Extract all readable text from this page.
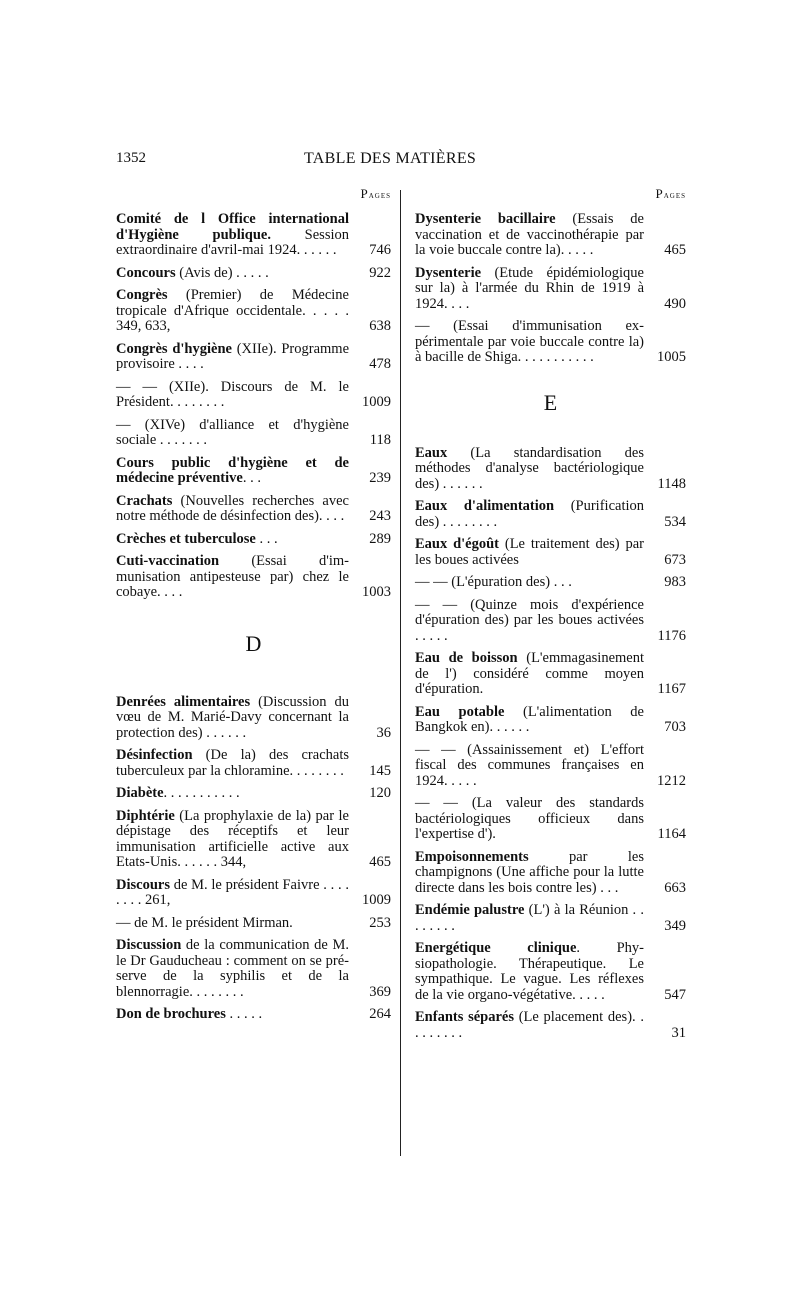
1352	TABLE DES MATIÈRES
Pages
Comité de l Office international d'Hygiène publique. Session extraordinaire d'avril-mai 1924. . . . . .	746
Concours (Avis de) . . . . .	922
Congrès (Premier) de Médecine tropicale d'Afrique occidentale. . . . . 349, 633,	638
Congrès d'hygiène (XIIe). Programme provisoire . . . .	478
— — (XIIe). Discours de M. le Président. . . . . . . .	1009
— (XIVe) d'alliance et d'hygiène sociale . . . . . . .	118
Cours public d'hygiène et de médecine préventive. . .	239
Crachats (Nouvelles recherches avec notre méthode de désinfection des). . . .	243
Crèches et tuberculose . . .	289
Cuti-vaccination (Essai d'immunisation antipesteuse par) chez le cobaye. . . .	1003
D
Denrées alimentaires (Discussion du vœu de M. Marié-Davy concernant la protection des) . . . . . .	36
Désinfection (De la) des crachats tuberculeux par la chloramine. . . . . . . .	145
Diabète. . . . . . . . . . .	120
Diphtérie (La prophylaxie de la) par le dépistage des réceptifs et leur immunisation artificielle active aux Etats-Unis. . . . . . 344,	465
Discours de M. le président Faivre . . . . . . . . 261,	1009
— de M. le président Mirman.	253
Discussion de la communication de M. le Dr Gauducheau : comment on se préserve de la syphilis et de la blennorragie. . . . . . . .	369
Don de brochures . . . . .	264
Pages
Dysenterie bacillaire (Essais de vaccination et de vaccinothérapie par la voie buccale contre la). . . . .	465
Dysenterie (Etude épidémiologique sur la) à l'armée du Rhin de 1919 à 1924. . . .	490
— (Essai d'immunisation expérimentale par voie buccale contre la) à bacille de Shiga. . . . . . . . . . .	1005
E
Eaux (La standardisation des méthodes d'analyse bactériologique des) . . . . . .	1148
Eaux d'alimentation (Purification des) . . . . . . . .	534
Eaux d'égoût (Le traitement des) par les boues activées	673
— — (L'épuration des) . . .	983
— — (Quinze mois d'expérience d'épuration des) par les boues activées . . . . .	1176
Eau de boisson (L'emmagasinement de l') considéré comme moyen d'épuration.	1167
Eau potable (L'alimentation de Bangkok en). . . . . .	703
— — (Assainissement et) L'effort fiscal des communes françaises en 1924. . . . .	1212
— — (La valeur des standards bactériologiques officieux dans l'expertise d').	1164
Empoisonnements par les champignons (Une affiche pour la lutte directe dans les bois contre les) . . .	663
Endémie palustre (L') à la Réunion . . . . . . . .	349
Energétique clinique. Physiopathologie. Thérapeutique. Le sympathique. Le vague. Les réflexes de la vie organo-végétative. . . . .	547
Enfants séparés (Le placement des). . . . . . . . .	31
